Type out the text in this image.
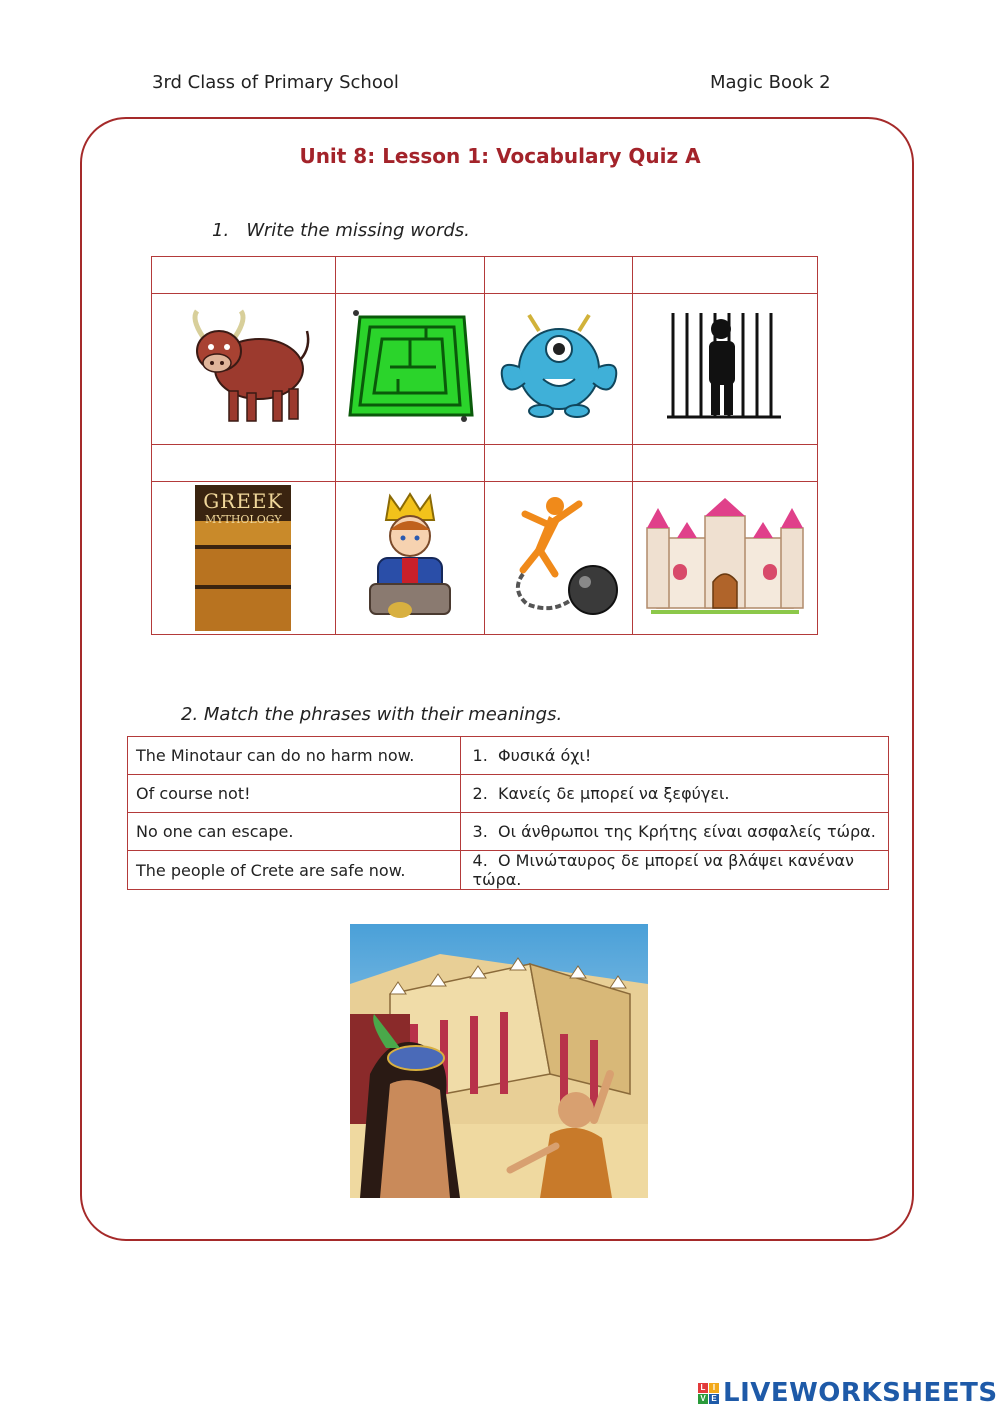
3rd Class of Primary School	Magic Book 2
Unit 8: Lesson 1: Vocabulary Quiz A
1. Write the missing words.

GREEK
MYTHOLOGY

2. Match the phrases with their meanings.
The Minotaur can do no harm now.	1. Φυσικά όχι!
Of course not!	2. Κανείς δε μπορεί να ξεφύγει.
No one can escape.	3. Οι άνθρωποι της Κρήτης είναι ασφαλείς τώρα.
The people of Crete are safe now.	4. Ο Μινώταυρος δε μπορεί να βλάψει κανέναν τώρα.
L I
V E LIVEWORKSHEETS
